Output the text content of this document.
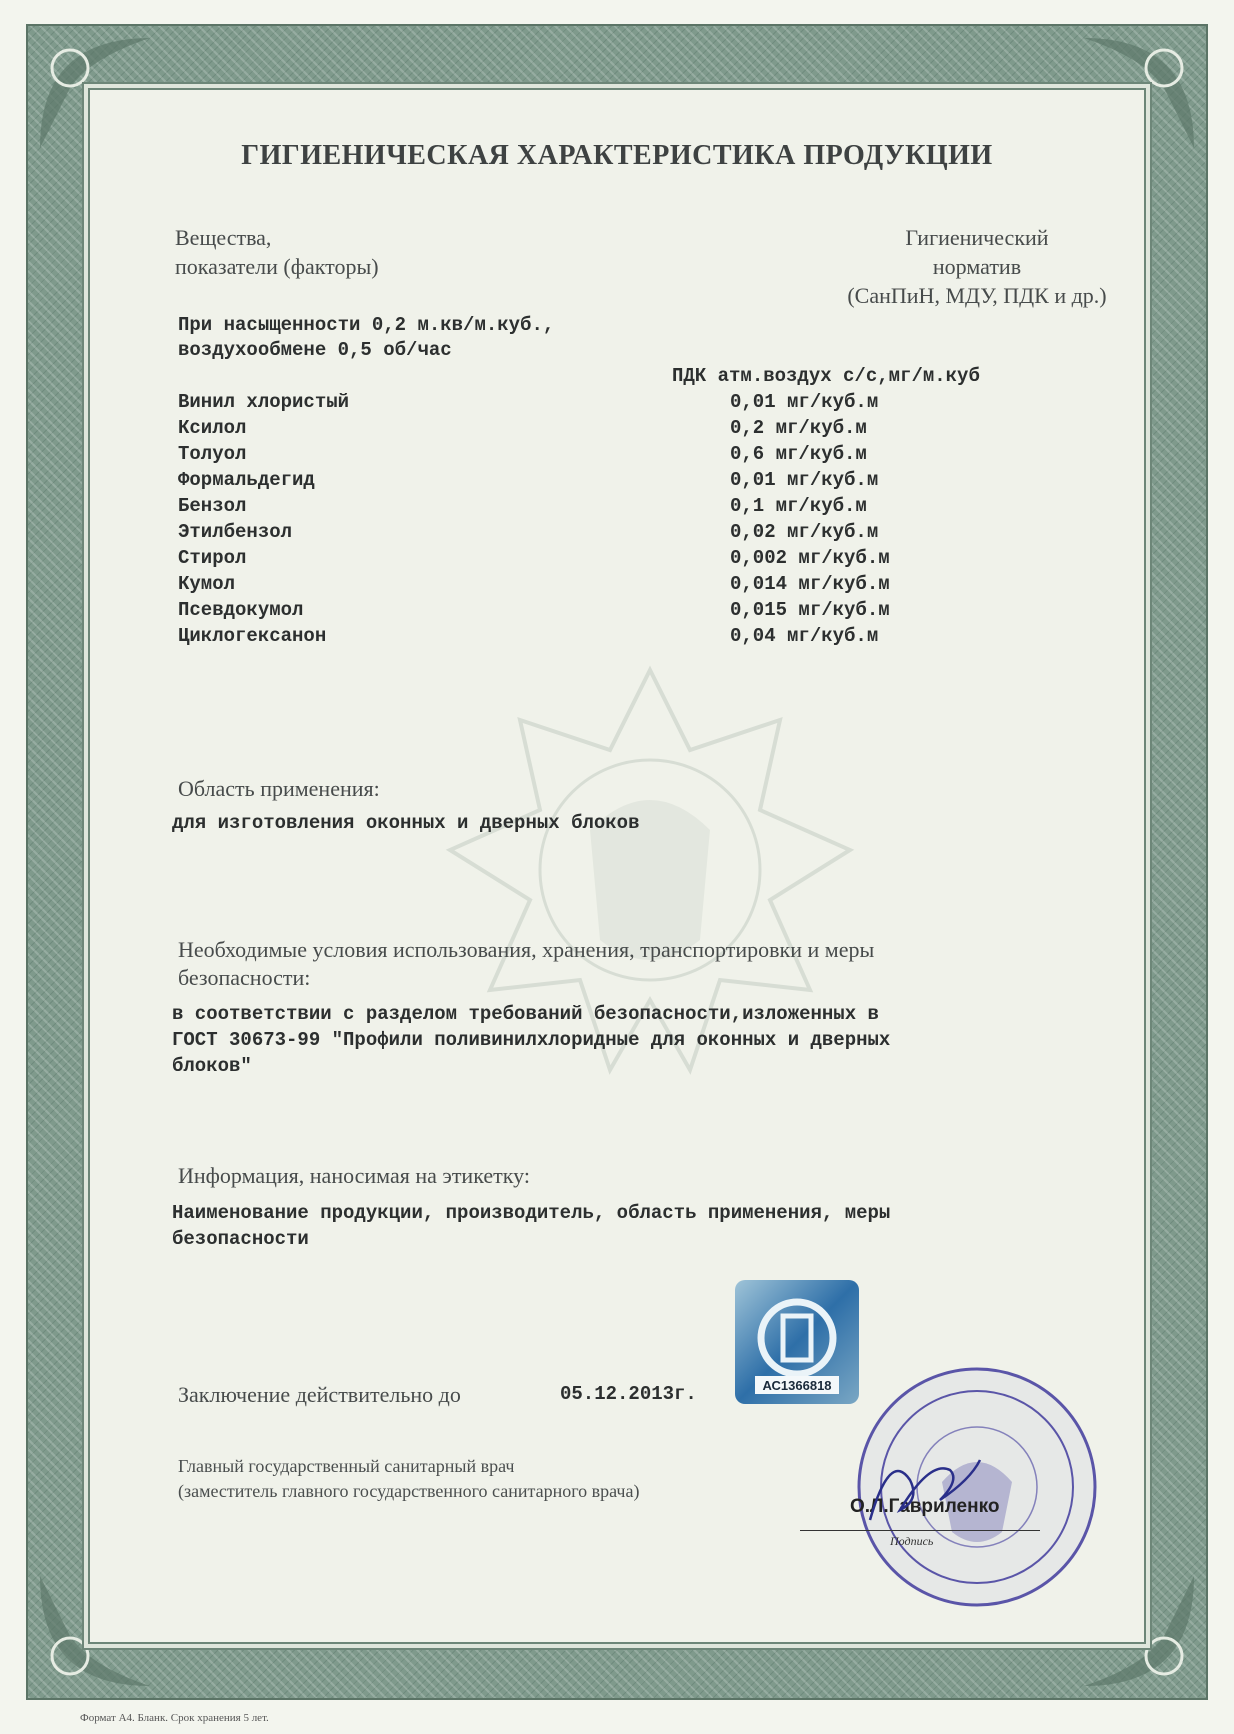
ГИГИЕНИЧЕСКАЯ ХАРАКТЕРИСТИКА ПРОДУКЦИИ
Вещества,
показатели (факторы)
Гигиенический
норматив
(СанПиН, МДУ, ПДК и др.)
При насыщенности 0,2 м.кв/м.куб.,
воздухообмене 0,5 об/час
ПДК атм.воздух с/с,мг/м.куб
Винил хлористый	0,01 мг/куб.м
Ксилол	0,2 мг/куб.м
Толуол	0,6 мг/куб.м
Формальдегид	0,01 мг/куб.м
Бензол	0,1 мг/куб.м
Этилбензол	0,02 мг/куб.м
Стирол	0,002 мг/куб.м
Кумол	0,014 мг/куб.м
Псевдокумол	0,015 мг/куб.м
Циклогексанон	0,04 мг/куб.м
Область применения:
для изготовления оконных и дверных блоков
Необходимые условия использования, хранения, транспортировки и меры
безопасности:
в соответствии с разделом требований безопасности,изложенных в
ГОСТ 30673-99 "Профили поливинилхлоридные для оконных и дверных
блоков"
Информация, наносимая на этикетку:
Наименование продукции, производитель, область применения, меры
безопасности
АС1366818
Заключение действительно до	05.12.2013г.
Главный государственный санитарный врач
(заместитель главного государственного санитарного врача)
О.Л.Гавриленко
Подпись
Формат А4. Бланк. Срок хранения 5 лет.
